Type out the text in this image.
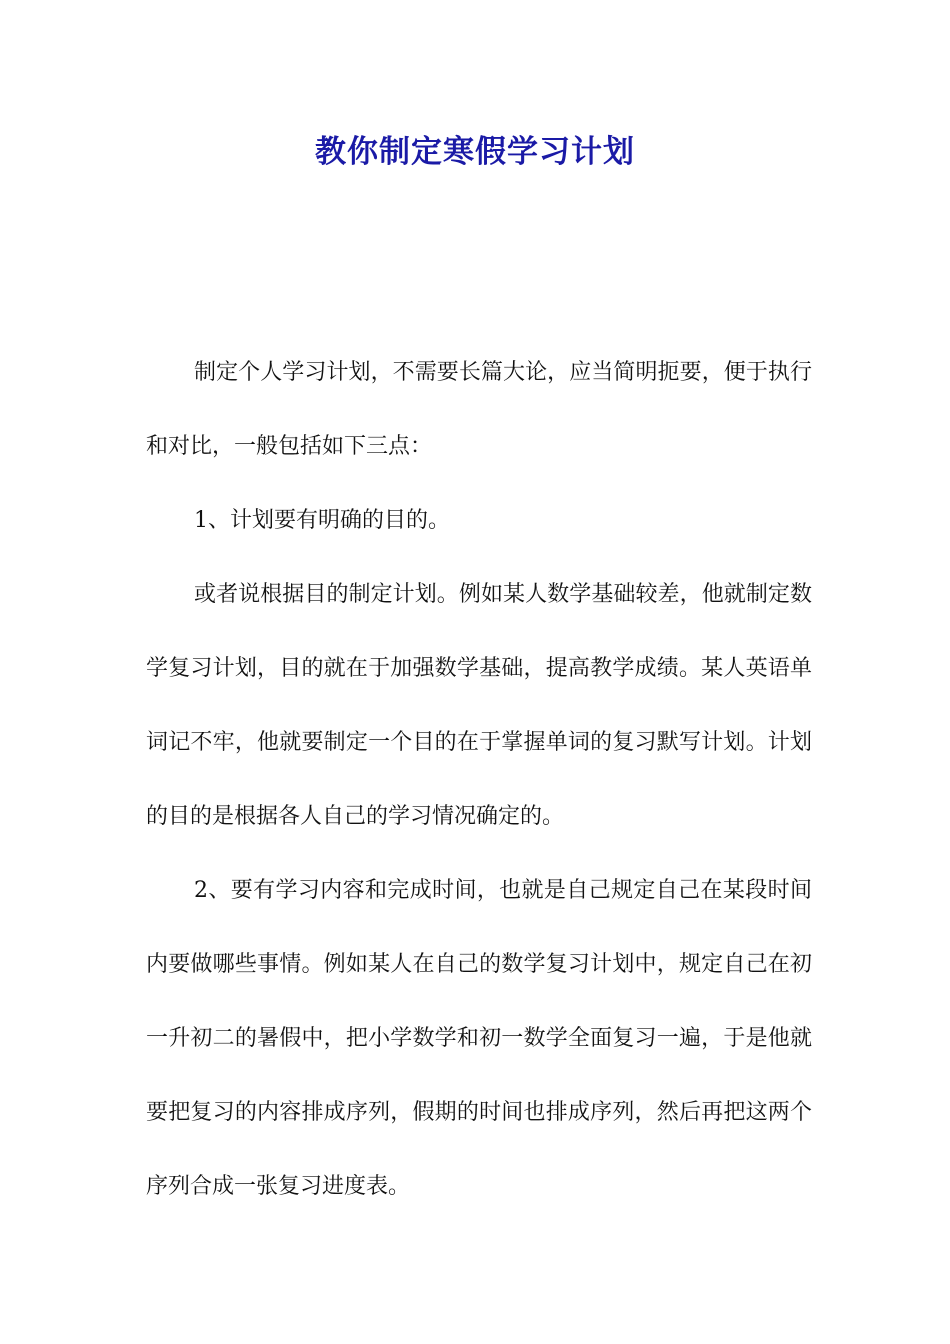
教你制定寒假学习计划

制定个人学习计划，不需要长篇大论，应当简明扼要，便于执行和对比，一般包括如下三点：

1、计划要有明确的目的。

或者说根据目的制定计划。例如某人数学基础较差，他就制定数学复习计划，目的就在于加强数学基础，提高教学成绩。某人英语单词记不牢，他就要制定一个目的在于掌握单词的复习默写计划。计划的目的是根据各人自己的学习情况确定的。

2、要有学习内容和完成时间，也就是自己规定自己在某段时间内要做哪些事情。例如某人在自己的数学复习计划中，规定自己在初一升初二的暑假中，把小学数学和初一数学全面复习一遍，于是他就要把复习的内容排成序列，假期的时间也排成序列，然后再把这两个序列合成一张复习进度表。
